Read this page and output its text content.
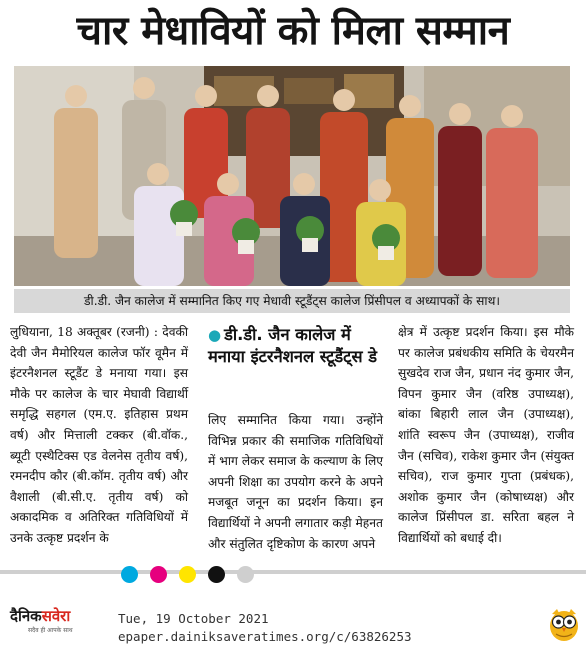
चार मेधावियों को मिला सम्मान
डी.डी. जैन कालेज में सम्मानित किए गए मेधावी स्टूडैंट्स कालेज प्रिंसीपल व अध्यापकों के साथ।

लुधियाना, 18 अक्तूबर (रजनी) : देवकी देवी जैन मैमोरियल कालेज फॉर वूमैन में इंटरनैशनल स्टूडैंट डे मनाया गया। इस मौके पर कालेज के चार मेघावी विद्यार्थी समृद्धि सहगल (एम.ए. इतिहास प्रथम वर्ष) और मित्ताली टक्कर (बी.वॉक., ब्यूटी एस्थैटिक्स एड वेलनेस तृतीय वर्ष), रमनदीप कौर (बी.कॉम. तृतीय वर्ष) और वैशाली (बी.सी.ए. तृतीय वर्ष) को अकादमिक व अतिरिक्त गतिविधियों में उनके उत्कृष्ट प्रदर्शन के

● डी.डी. जैन कालेज में मनाया इंटरनैशनल स्टूडैंट्स डे

लिए सम्मानित किया गया। उन्होंने विभिन्न प्रकार की समाजिक गतिविधियों में भाग लेकर समाज के कल्याण के लिए अपनी शिक्षा का उपयोग करने के अपने मजबूत जनून का प्रदर्शन किया। इन विद्यार्थियों ने अपनी लगातार कड़ी मेहनत और संतुलित दृष्टिकोण के कारण अपने

क्षेत्र में उत्कृष्ट प्रदर्शन किया। इस मौके पर कालेज प्रबंधकीय समिति के चेयरमैन सुखदेव राज जैन, प्रधान नंद कुमार जैन, विपन कुमार जैन (वरिष्ठ उपाध्यक्ष), बांका बिहारी लाल जैन (उपाध्यक्ष), शांति स्वरूप जैन (उपाध्यक्ष), राजीव जैन (सचिव), राकेश कुमार जैन (संयुक्त सचिव), राज कुमार गुप्ता (प्रबंधक), अशोक कुमार जैन (कोषाध्यक्ष) और कालेज प्रिंसीपल डा. सरिता बहल ने विद्यार्थियों को बधाई दी।

दैनिकसवेरा
सदैव ही आपके साथ
Tue, 19 October 2021
epaper.dainiksaveratimes.org/c/63826253
